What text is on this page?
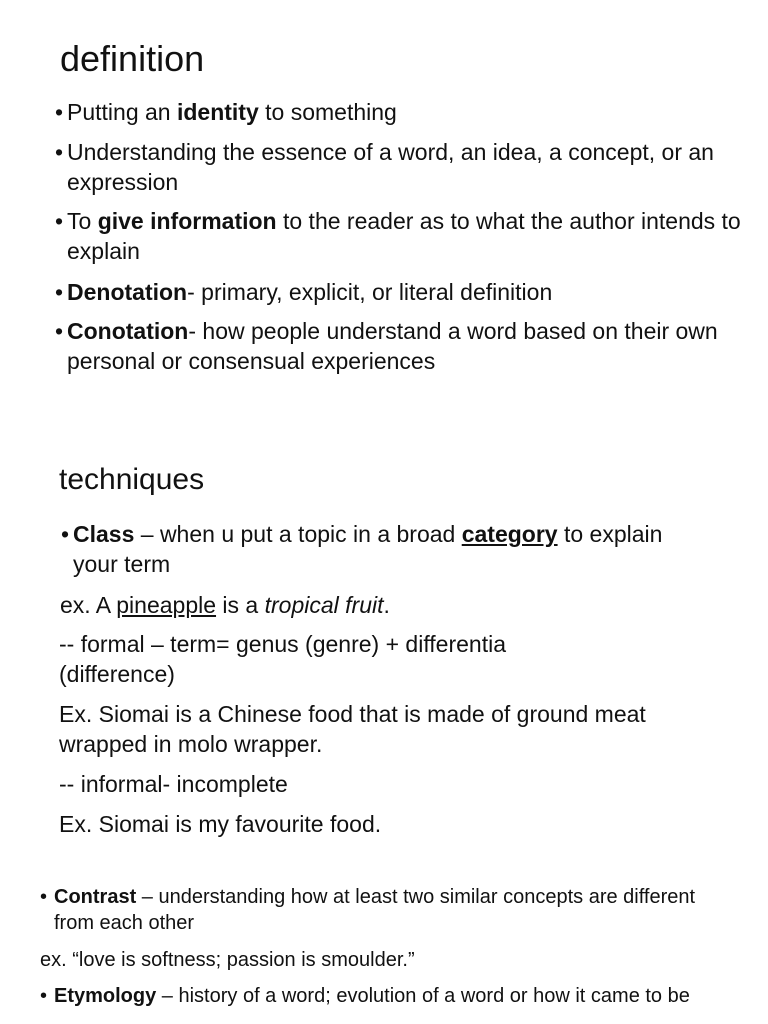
definition

• Putting an identity to something

• Understanding the essence of a word, an idea, a concept, or an expression

• To give information to the reader as to what the author intends to explain

• Denotation- primary, explicit, or literal definition

• Conotation- how people understand a word based on their own personal or consensual experiences

techniques

• Class – when u put a topic in a broad category to explain your term

ex. A pineapple is a tropical fruit.

-- formal – term= genus (genre) + differentia (difference)

Ex. Siomai is a Chinese food that is made of ground meat wrapped in molo wrapper.

-- informal- incomplete

Ex. Siomai is my favourite food.

• Contrast – understanding how at least two similar concepts are different from each other

ex. “love is softness; passion is smoulder.”

• Etymology – history of a word; evolution of a word or how it came to be
